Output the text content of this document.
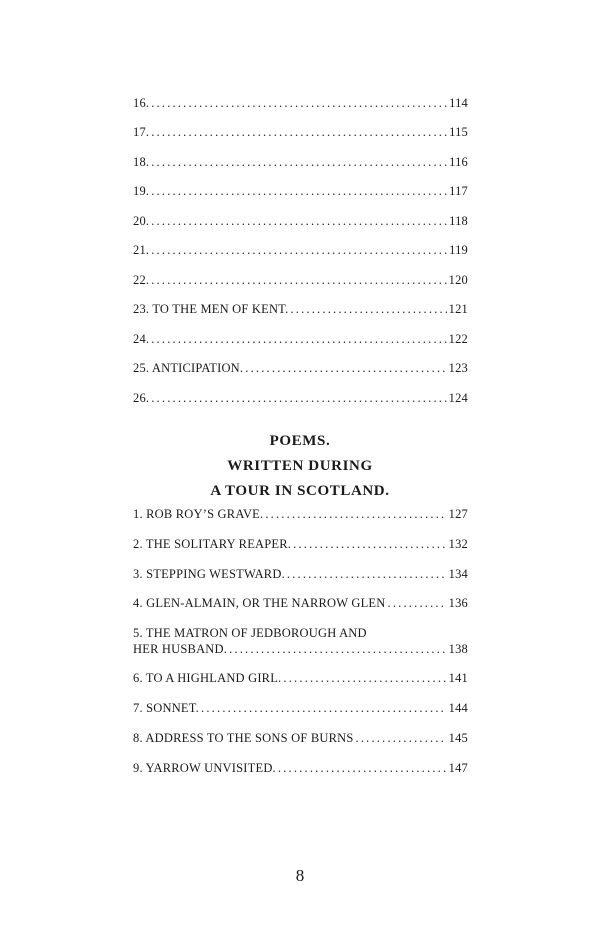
16. .....	114
17. .....	115
18. .....	116
19. .....	117
20. .....	118
21. .....	119
22. .....	120
23. TO THE MEN OF KENT. .....	121
24. .....	122
25. ANTICIPATION. .....	123
26. .....	124
POEMS.
WRITTEN DURING
A TOUR IN SCOTLAND.
1. ROB ROY’S GRAVE. .....	127
2. THE SOLITARY REAPER. .....	132
3. STEPPING WESTWARD. .....	134
4. GLEN-ALMAIN, OR THE NARROW GLEN .....	136
5. THE MATRON OF JEDBOROUGH AND
HER HUSBAND. .....	138
6. TO A HIGHLAND GIRL. .....	141
7. SONNET. .....	144
8. ADDRESS TO THE SONS OF BURNS .....	145
9. YARROW UNVISITED. .....	147
8
